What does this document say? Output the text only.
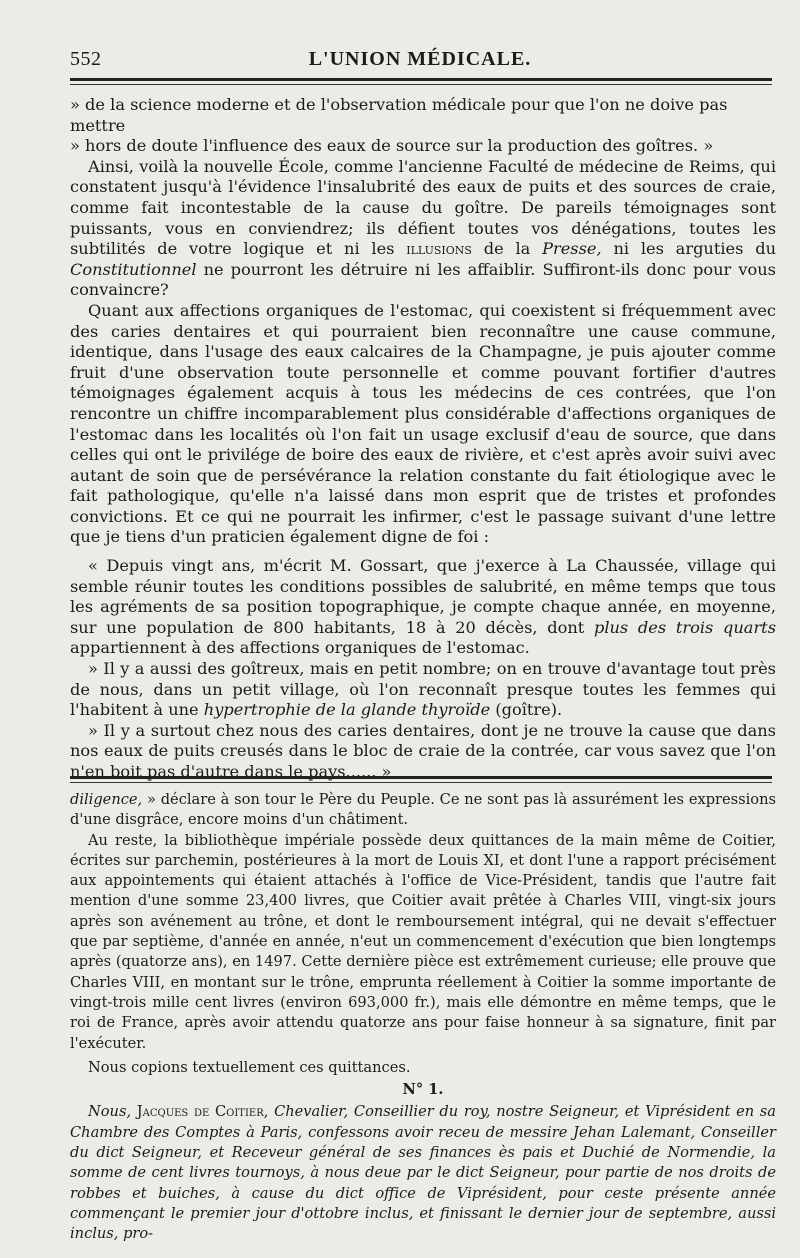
552	L'UNION MÉDICALE.

» de la science moderne et de l'observation médicale pour que l'on ne doive pas mettre

» hors de doute l'influence des eaux de source sur la production des goîtres. »

Ainsi, voilà la nouvelle École, comme l'ancienne Faculté de médecine de Reims, qui constatent jusqu'à l'évidence l'insalubrité des eaux de puits et des sources de craie, comme fait incontestable de la cause du goître. De pareils témoignages sont puissants, vous en conviendrez; ils défient toutes vos dénégations, toutes les subtilités de votre logique et ni les illusions de la Presse, ni les arguties du Constitutionnel ne pourront les détruire ni les affaiblir. Suffiront-ils donc pour vous convaincre?

Quant aux affections organiques de l'estomac, qui coexistent si fréquemment avec des caries dentaires et qui pourraient bien reconnaître une cause commune, identique, dans l'usage des eaux calcaires de la Champagne, je puis ajouter comme fruit d'une observation toute personnelle et comme pouvant fortifier d'autres témoignages également acquis à tous les médecins de ces contrées, que l'on rencontre un chiffre incomparablement plus considérable d'affections organiques de l'estomac dans les localités où l'on fait un usage exclusif d'eau de source, que dans celles qui ont le privilége de boire des eaux de rivière, et c'est après avoir suivi avec autant de soin que de persévérance la relation constante du fait étiologique avec le fait pathologique, qu'elle n'a laissé dans mon esprit que de tristes et profondes convictions. Et ce qui ne pourrait les infirmer, c'est le passage suivant d'une lettre que je tiens d'un praticien également digne de foi :

« Depuis vingt ans, m'écrit M. Gossart, que j'exerce à La Chaussée, village qui semble réunir toutes les conditions possibles de salubrité, en même temps que tous les agréments de sa position topographique, je compte chaque année, en moyenne, sur une population de 800 habitants, 18 à 20 décès, dont plus des trois quarts appartiennent à des affections organiques de l'estomac.

» Il y a aussi des goîtreux, mais en petit nombre; on en trouve d'avantage tout près de nous, dans un petit village, où l'on reconnaît presque toutes les femmes qui l'habitent à une hypertrophie de la glande thyroïde (goître).

» Il y a surtout chez nous des caries dentaires, dont je ne trouve la cause que dans nos eaux de puits creusés dans le bloc de craie de la contrée, car vous savez que l'on n'en boit pas d'autre dans le pays...... »

diligence, » déclare à son tour le Père du Peuple. Ce ne sont pas là assurément les expressions d'une disgrâce, encore moins d'un châtiment.

Au reste, la bibliothèque impériale possède deux quittances de la main même de Coitier, écrites sur parchemin, postérieures à la mort de Louis XI, et dont l'une a rapport précisément aux appointements qui étaient attachés à l'office de Vice-Président, tandis que l'autre fait mention d'une somme 23,400 livres, que Coitier avait prêtée à Charles VIII, vingt-six jours après son avénement au trône, et dont le remboursement intégral, qui ne devait s'effectuer que par septième, d'année en année, n'eut un commencement d'exécution que bien longtemps après (quatorze ans), en 1497. Cette dernière pièce est extrêmement curieuse; elle prouve que Charles VIII, en montant sur le trône, emprunta réellement à Coitier la somme importante de vingt-trois mille cent livres (environ 693,000 fr.), mais elle démontre en même temps, que le roi de France, après avoir attendu quatorze ans pour faise honneur à sa signature, finit par l'exécuter.

Nous copions textuellement ces quittances.

N° 1.

Nous, Jacques de Coitier, Chevalier, Conseillier du roy, nostre Seigneur, et Viprésident en sa Chambre des Comptes à Paris, confessons avoir receu de messire Jehan Lalemant, Conseiller du dict Seigneur, et Receveur général de ses finances ès pais et Duchié de Normendie, la somme de cent livres tournoys, à nous deue par le dict Seigneur, pour partie de nos droits de robbes et buiches, à cause du dict office de Viprésident, pour ceste présente année commençant le premier jour d'ottobre inclus, et finissant le dernier jour de septembre, aussi inclus, pro-
